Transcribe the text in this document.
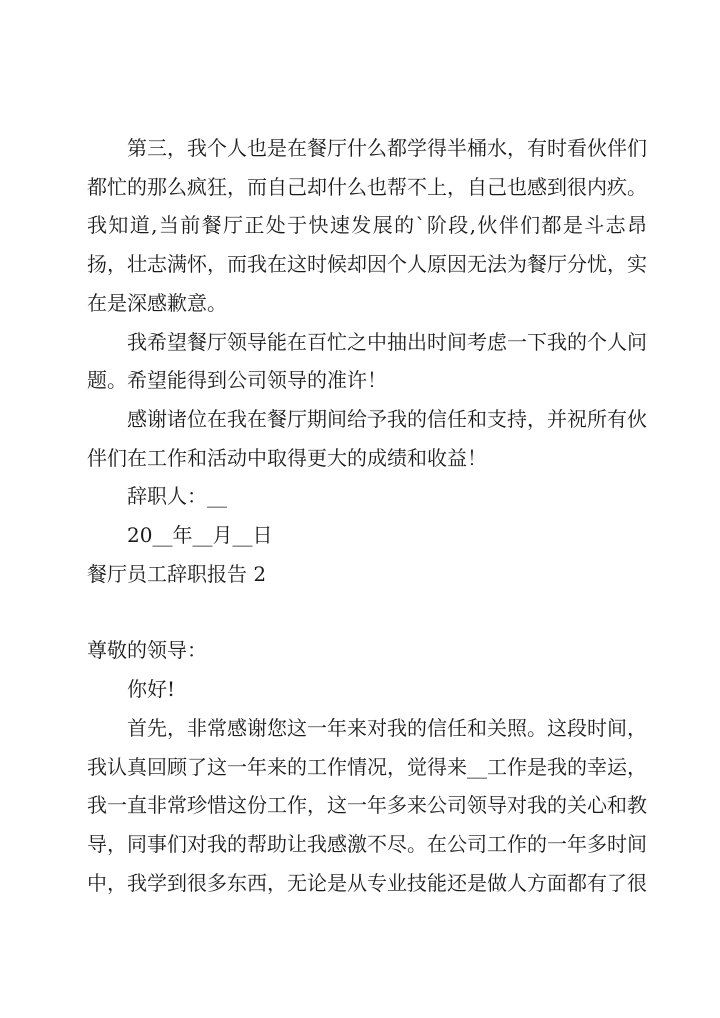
第三，我个人也是在餐厅什么都学得半桶水，有时看伙伴们都忙的那么疯狂，而自己却什么也帮不上，自己也感到很内疚。我知道,当前餐厅正处于快速发展的`阶段,伙伴们都是斗志昂扬，壮志满怀，而我在这时候却因个人原因无法为餐厅分忧，实在是深感歉意。

我希望餐厅领导能在百忙之中抽出时间考虑一下我的个人问题。希望能得到公司领导的准许！

感谢诸位在我在餐厅期间给予我的信任和支持，并祝所有伙伴们在工作和活动中取得更大的成绩和收益！

辞职人：__

20__年__月__日

餐厅员工辞职报告 2

尊敬的领导：

你好!

首先，非常感谢您这一年来对我的信任和关照。这段时间，我认真回顾了这一年来的工作情况，觉得来__工作是我的幸运，我一直非常珍惜这份工作，这一年多来公司领导对我的关心和教导，同事们对我的帮助让我感激不尽。在公司工作的一年多时间中，我学到很多东西，无论是从专业技能还是做人方面都有了很
